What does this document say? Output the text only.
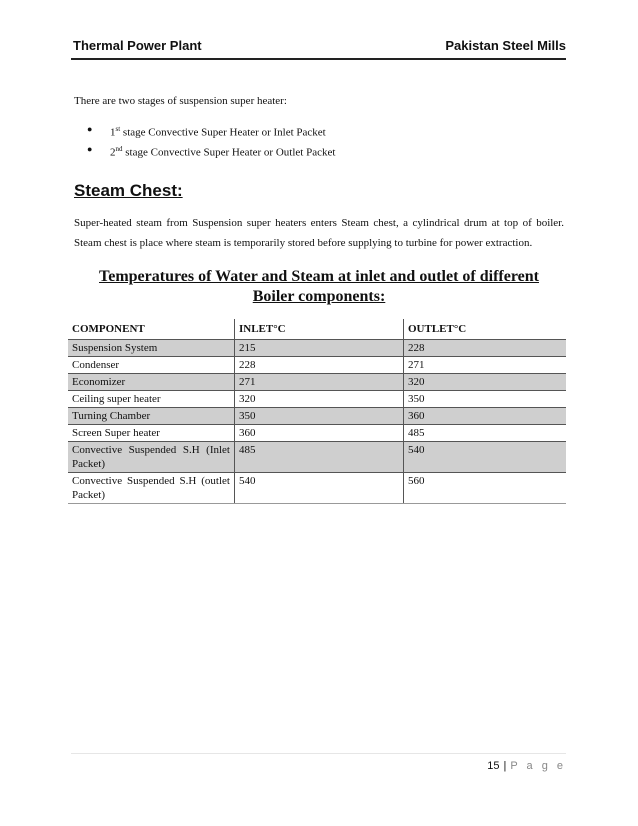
Thermal Power Plant	Pakistan Steel Mills

There are two stages of suspension super heater:

● 1st stage Convective Super Heater or Inlet Packet
● 2nd stage Convective Super Heater or Outlet Packet
Steam Chest:

Super-heated steam from Suspension super heaters enters Steam chest, a cylindrical drum at top of boiler. Steam chest is place where steam is temporarily stored before supplying to turbine for power extraction.

Temperatures of Water and Steam at inlet and outlet of different
Boiler components:
COMPONENT	INLET°C	OUTLET°C
Suspension System	215	228
Condenser	228	271
Economizer	271	320
Ceiling super heater	320	350
Turning Chamber	350	360
Screen Super heater	360	485
Convective Suspended S.H (Inlet Packet)	485	540
Convective Suspended S.H (outlet Packet)	540	560
15 | P a g e
